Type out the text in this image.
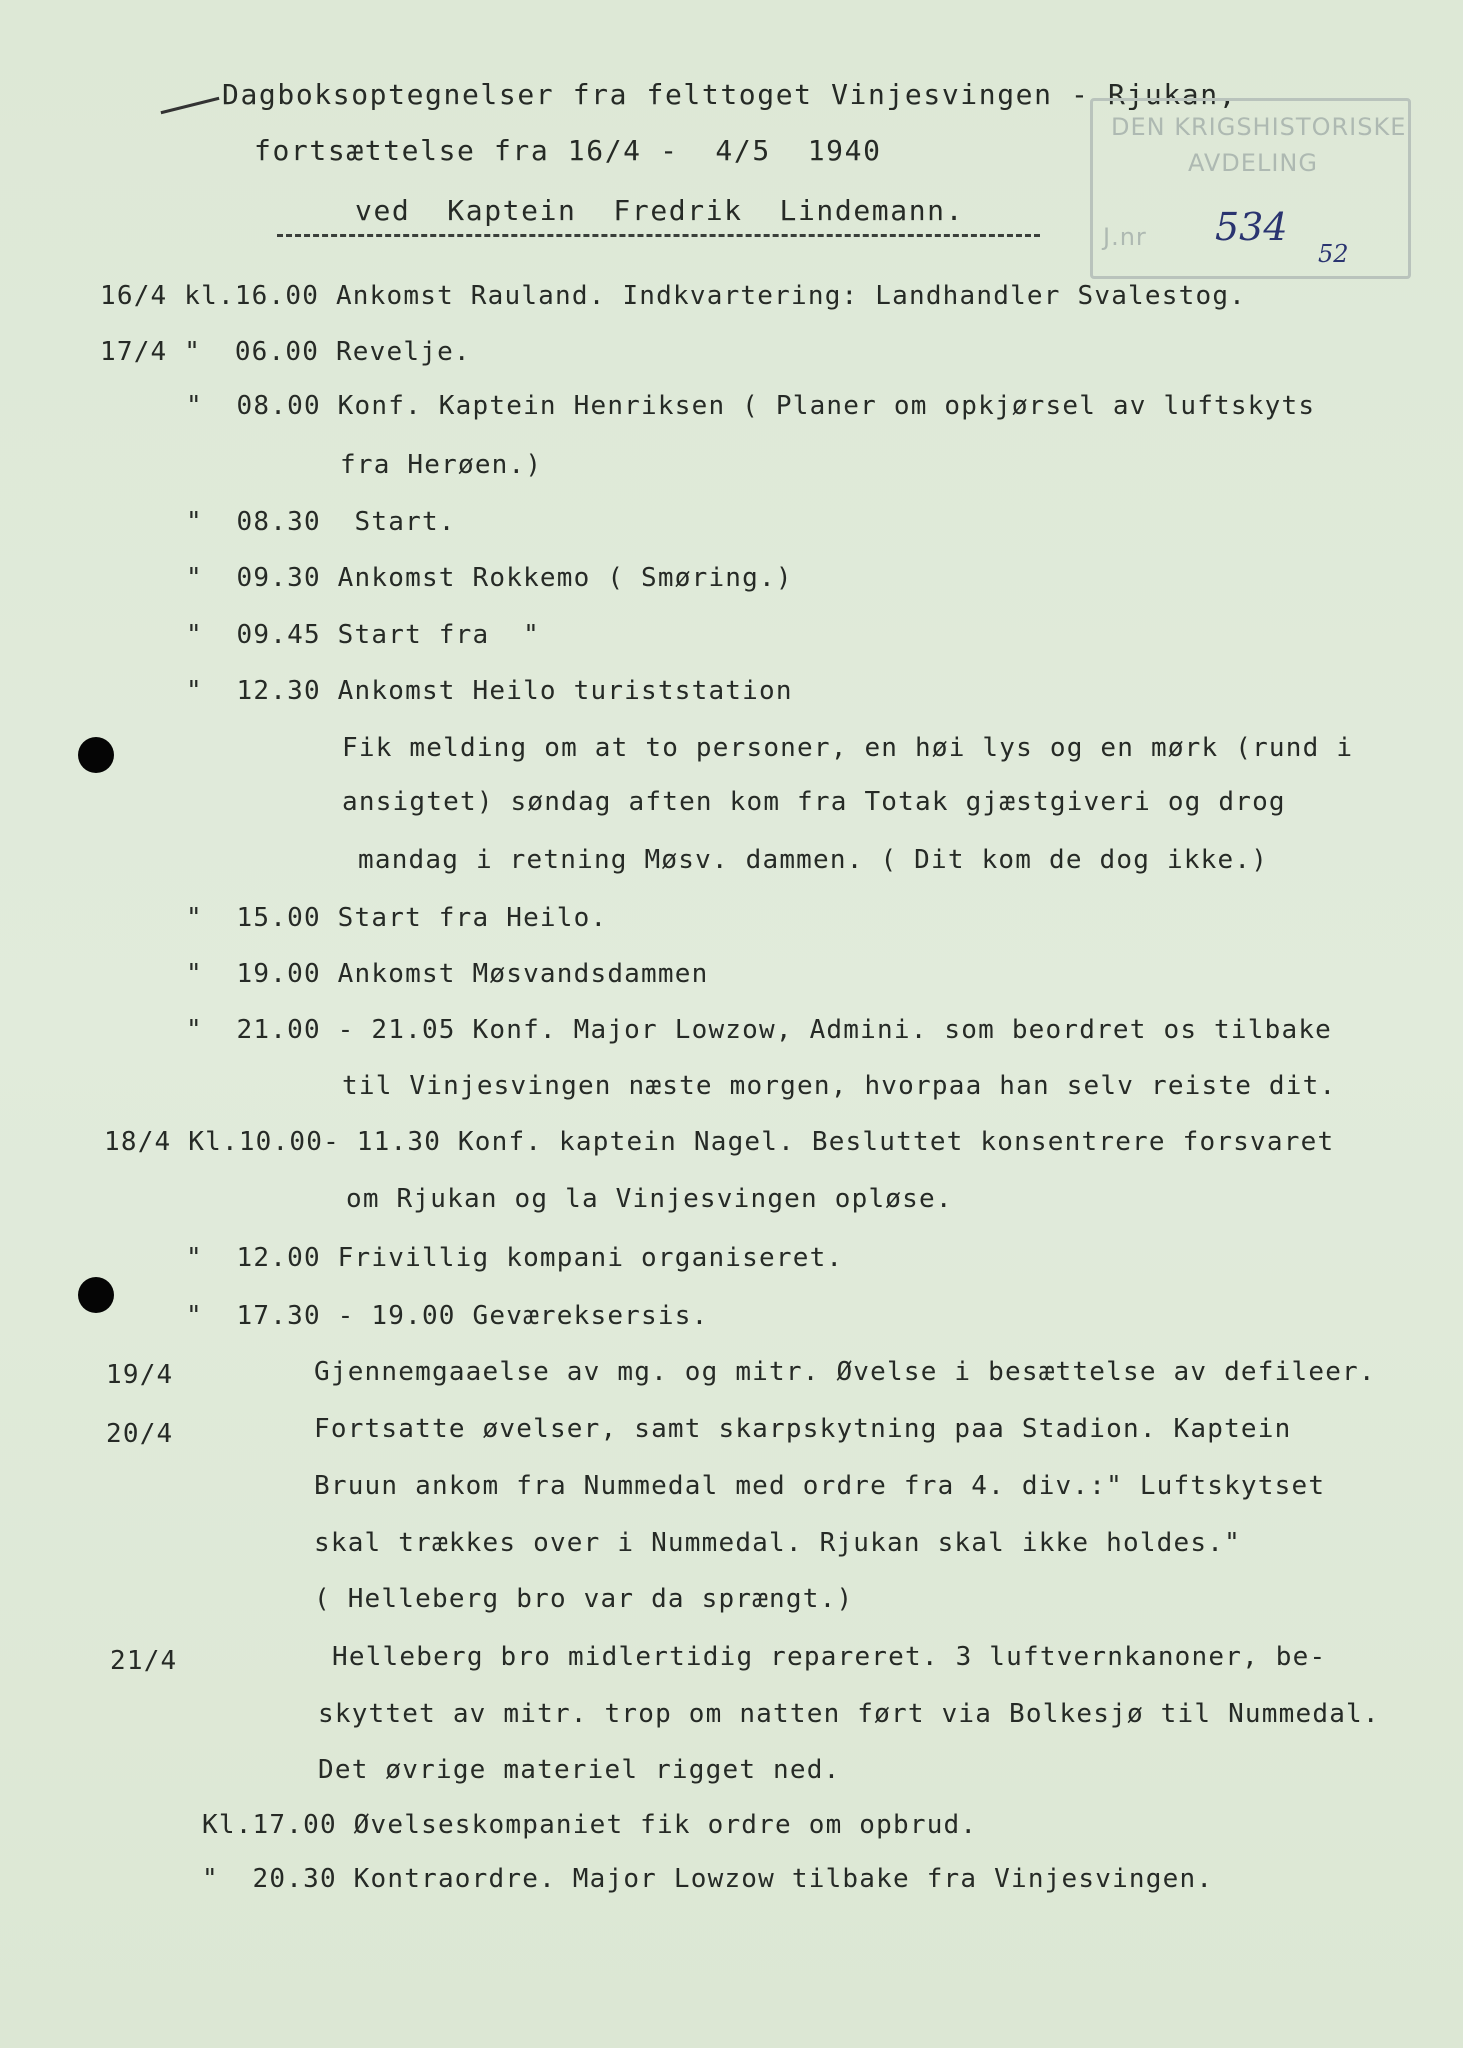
Dagboksoptegnelser fra felttoget Vinjesvingen - Rjukan,
fortsættelse fra 16/4 -  4/5  1940
ved  Kaptein  Fredrik  Lindemann.
DEN KRIGSHISTORISKE
AVDELING
J.nr 534
52
16/4 kl.16.00 Ankomst Rauland. Indkvartering: Landhandler Svalestog.
17/4 "  06.00 Revelje.
"  08.00 Konf. Kaptein Henriksen ( Planer om opkjørsel av luftskyts
fra Herøen.)
"  08.30  Start.
"  09.30 Ankomst Rokkemo ( Smøring.)
"  09.45 Start fra  "
"  12.30 Ankomst Heilo turiststation
Fik melding om at to personer, en høi lys og en mørk (rund i
ansigtet) søndag aften kom fra Totak gjæstgiveri og drog
mandag i retning Møsv. dammen. ( Dit kom de dog ikke.)
"  15.00 Start fra Heilo.
"  19.00 Ankomst Møsvandsdammen
"  21.00 - 21.05 Konf. Major Lowzow, Admini. som beordret os tilbake
til Vinjesvingen næste morgen, hvorpaa han selv reiste dit.
18/4 Kl.10.00- 11.30 Konf. kaptein Nagel. Besluttet konsentrere forsvaret
om Rjukan og la Vinjesvingen opløse.
"  12.00 Frivillig kompani organiseret.
"  17.30 - 19.00 Geværeksersis.
19/4	Gjennemgaaelse av mg. og mitr. Øvelse i besættelse av defileer.
20/4	Fortsatte øvelser, samt skarpskytning paa Stadion. Kaptein
Bruun ankom fra Nummedal med ordre fra 4. div.:" Luftskytset
skal trækkes over i Nummedal. Rjukan skal ikke holdes."
( Helleberg bro var da sprængt.)
21/4	Helleberg bro midlertidig repareret. 3 luftvernkanoner, be-
skyttet av mitr. trop om natten ført via Bolkesjø til Nummedal.
Det øvrige materiel rigget ned.
Kl.17.00 Øvelseskompaniet fik ordre om opbrud.
"  20.30 Kontraordre. Major Lowzow tilbake fra Vinjesvingen.
